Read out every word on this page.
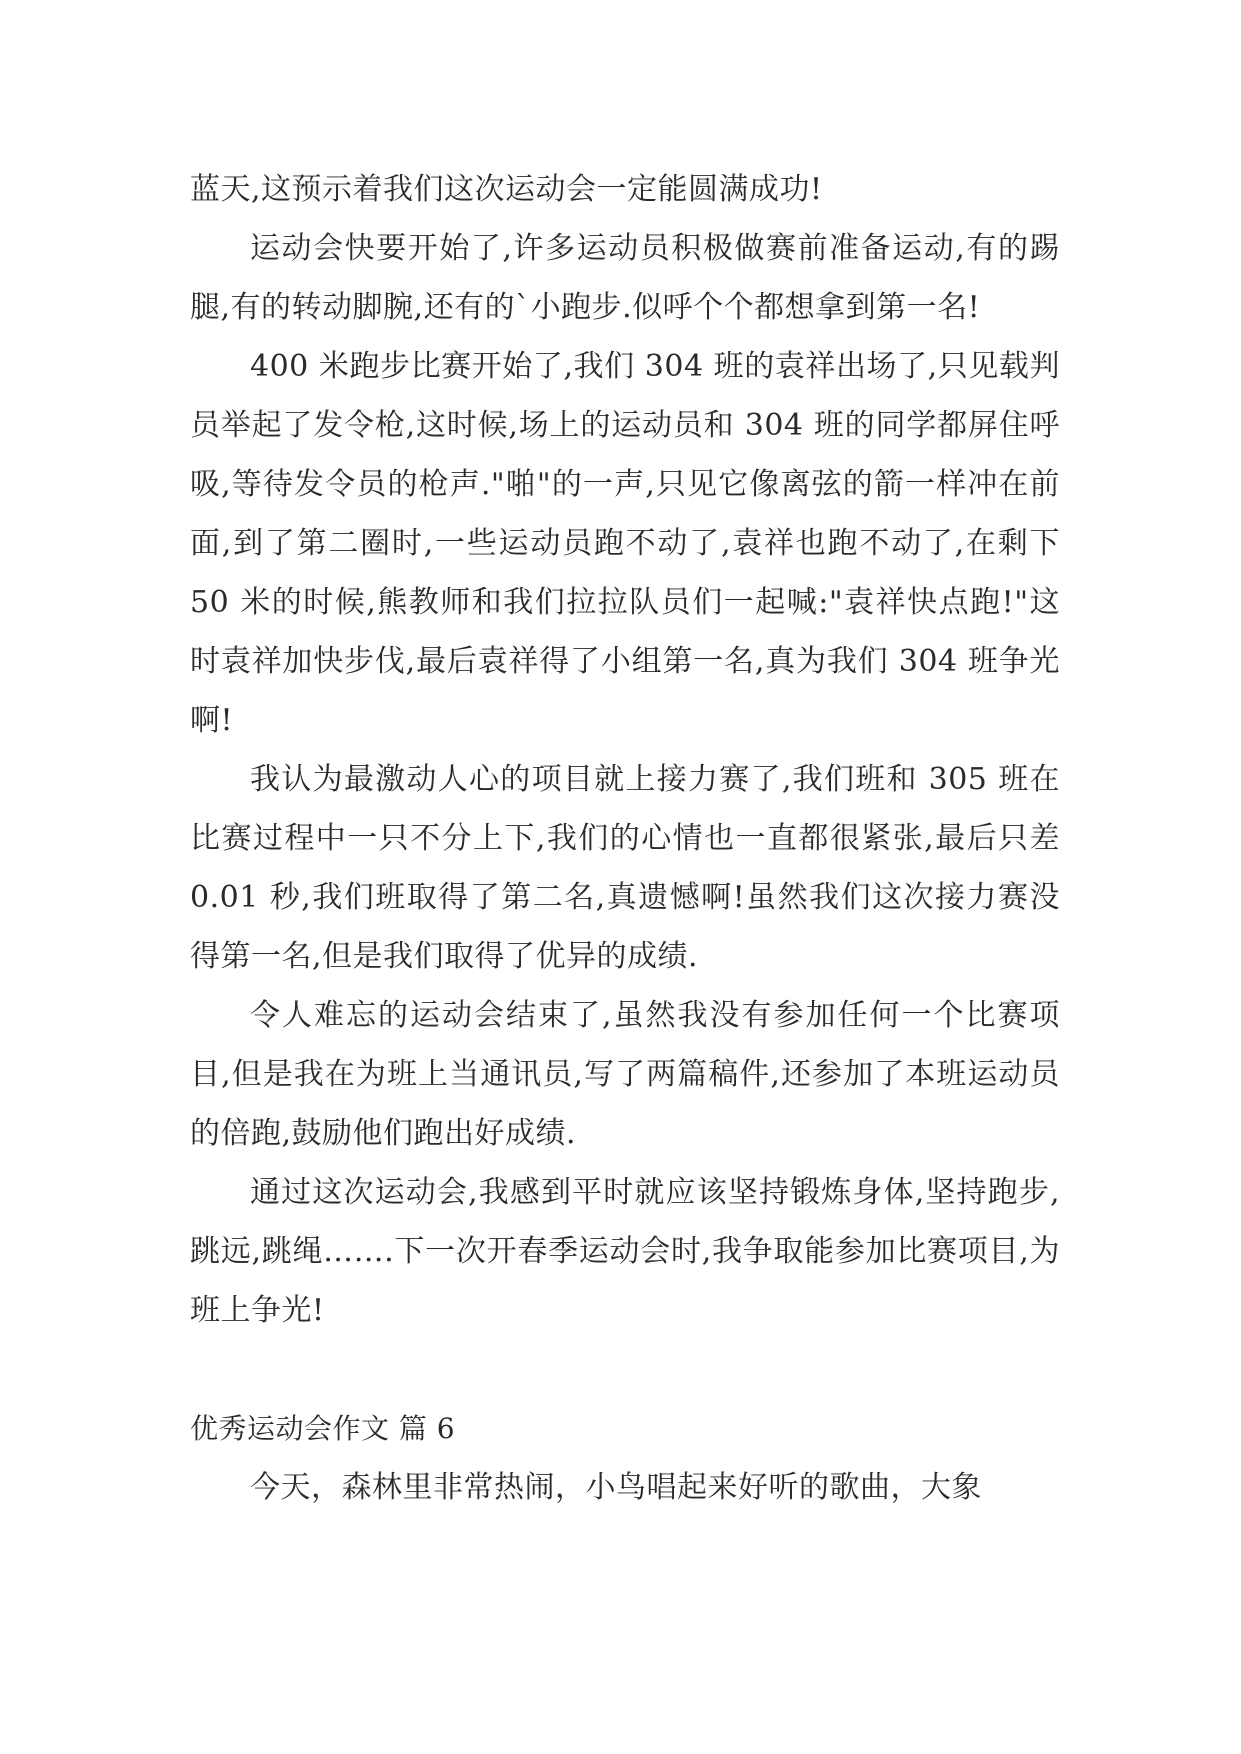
蓝天,这预示着我们这次运动会一定能圆满成功!

运动会快要开始了,许多运动员积极做赛前准备运动,有的踢腿,有的转动脚腕,还有的`小跑步.似呼个个都想拿到第一名!

400 米跑步比赛开始了,我们 304 班的袁祥出场了,只见载判员举起了发令枪,这时候,场上的运动员和 304 班的同学都屏住呼吸,等待发令员的枪声."啪"的一声,只见它像离弦的箭一样冲在前面,到了第二圈时,一些运动员跑不动了,袁祥也跑不动了,在剩下 50 米的时候,熊教师和我们拉拉队员们一起喊:"袁祥快点跑!"这时袁祥加快步伐,最后袁祥得了小组第一名,真为我们 304 班争光啊!

我认为最激动人心的项目就上接力赛了,我们班和 305 班在比赛过程中一只不分上下,我们的心情也一直都很紧张,最后只差 0.01 秒,我们班取得了第二名,真遗憾啊!虽然我们这次接力赛没得第一名,但是我们取得了优异的成绩.

令人难忘的运动会结束了,虽然我没有参加任何一个比赛项目,但是我在为班上当通讯员,写了两篇稿件,还参加了本班运动员的倍跑,鼓励他们跑出好成绩.

通过这次运动会,我感到平时就应该坚持锻炼身体,坚持跑步,跳远,跳绳…….下一次开春季运动会时,我争取能参加比赛项目,为班上争光!

优秀运动会作文 篇 6

今天，森林里非常热闹，小鸟唱起来好听的歌曲，大象
